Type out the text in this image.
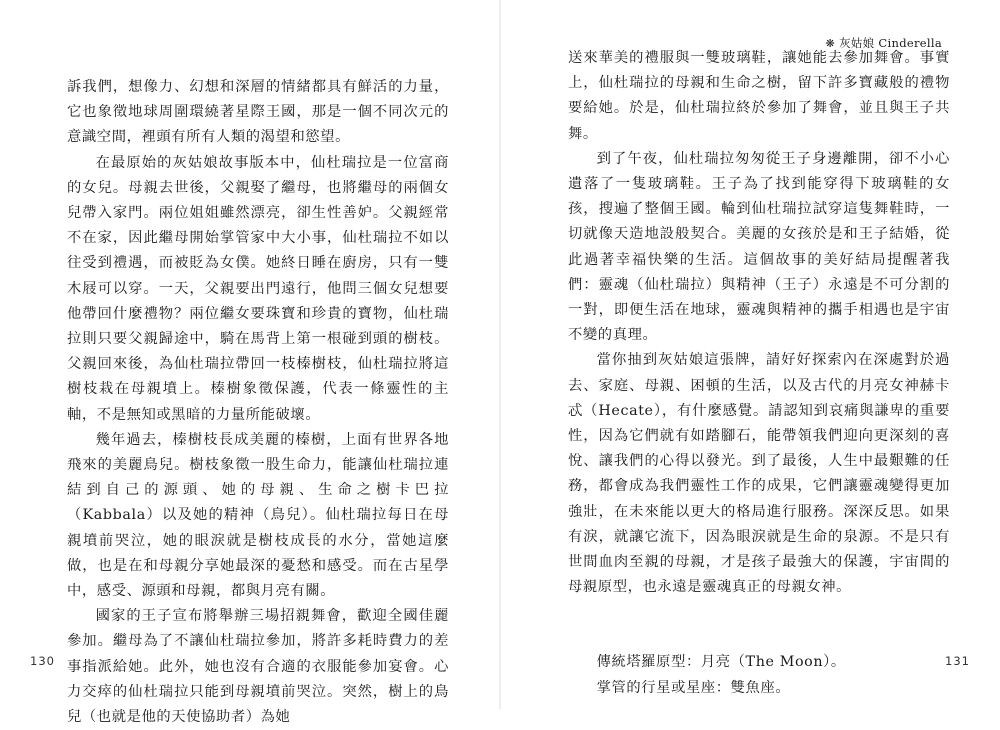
訴我們，想像力、幻想和深層的情緒都具有鮮活的力量，它也象徵地球周圍環繞著星際王國，那是一個不同次元的意識空間，裡頭有所有人類的渴望和慾望。

在最原始的灰姑娘故事版本中，仙杜瑞拉是一位富商的女兒。母親去世後，父親娶了繼母，也將繼母的兩個女兒帶入家門。兩位姐姐雖然漂亮，卻生性善妒。父親經常不在家，因此繼母開始掌管家中大小事，仙杜瑞拉不如以往受到禮遇，而被貶為女僕。她終日睡在廚房，只有一雙木屐可以穿。一天，父親要出門遠行，他問三個女兒想要他帶回什麼禮物？兩位繼女要珠寶和珍貴的寶物，仙杜瑞拉則只要父親歸途中，騎在馬背上第一根碰到頭的樹枝。父親回來後，為仙杜瑞拉帶回一枝榛樹枝，仙杜瑞拉將這樹枝栽在母親墳上。榛樹象徵保護，代表一條靈性的主軸，不是無知或黑暗的力量所能破壞。

幾年過去，榛樹枝長成美麗的榛樹，上面有世界各地飛來的美麗鳥兒。樹枝象徵一股生命力，能讓仙杜瑞拉連結到自己的源頭、她的母親、生命之樹卡巴拉（Kabbala）以及她的精神（鳥兒）。仙杜瑞拉每日在母親墳前哭泣，她的眼淚就是樹枝成長的水分，當她這麼做，也是在和母親分享她最深的憂愁和感受。而在古星學中，感受、源頭和母親，都與月亮有關。

國家的王子宣布將舉辦三場招親舞會，歡迎全國佳麗參加。繼母為了不讓仙杜瑞拉參加，將許多耗時費力的差事指派給她。此外，她也沒有合適的衣服能參加宴會。心力交瘁的仙杜瑞拉只能到母親墳前哭泣。突然，樹上的鳥兒（也就是他的天使協助者）為她

130
❋ 灰姑娘 Cinderella

送來華美的禮服與一雙玻璃鞋，讓她能去參加舞會。事實上，仙杜瑞拉的母親和生命之樹，留下許多寶藏般的禮物要給她。於是，仙杜瑞拉終於參加了舞會，並且與王子共舞。

到了午夜，仙杜瑞拉匆匆從王子身邊離開，卻不小心遺落了一隻玻璃鞋。王子為了找到能穿得下玻璃鞋的女孩，搜遍了整個王國。輪到仙杜瑞拉試穿這隻舞鞋時，一切就像天造地設般契合。美麗的女孩於是和王子結婚，從此過著幸福快樂的生活。這個故事的美好結局提醒著我們：靈魂（仙杜瑞拉）與精神（王子）永遠是不可分割的一對，即便生活在地球，靈魂與精神的攜手相遇也是宇宙不變的真理。

當你抽到灰姑娘這張牌，請好好探索內在深處對於過去、家庭、母親、困頓的生活，以及古代的月亮女神赫卡忒（Hecate），有什麼感覺。請認知到哀痛與謙卑的重要性，因為它們就有如踏腳石，能帶領我們迎向更深刻的喜悅、讓我們的心得以發光。到了最後，人生中最艱難的任務，都會成為我們靈性工作的成果，它們讓靈魂變得更加強壯，在未來能以更大的格局進行服務。深深反思。如果有淚，就讓它流下，因為眼淚就是生命的泉源。不是只有世間血肉至親的母親，才是孩子最強大的保護，宇宙間的母親原型，也永遠是靈魂真正的母親女神。

傳統塔羅原型：月亮（The Moon）。

掌管的行星或星座：雙魚座。

131
